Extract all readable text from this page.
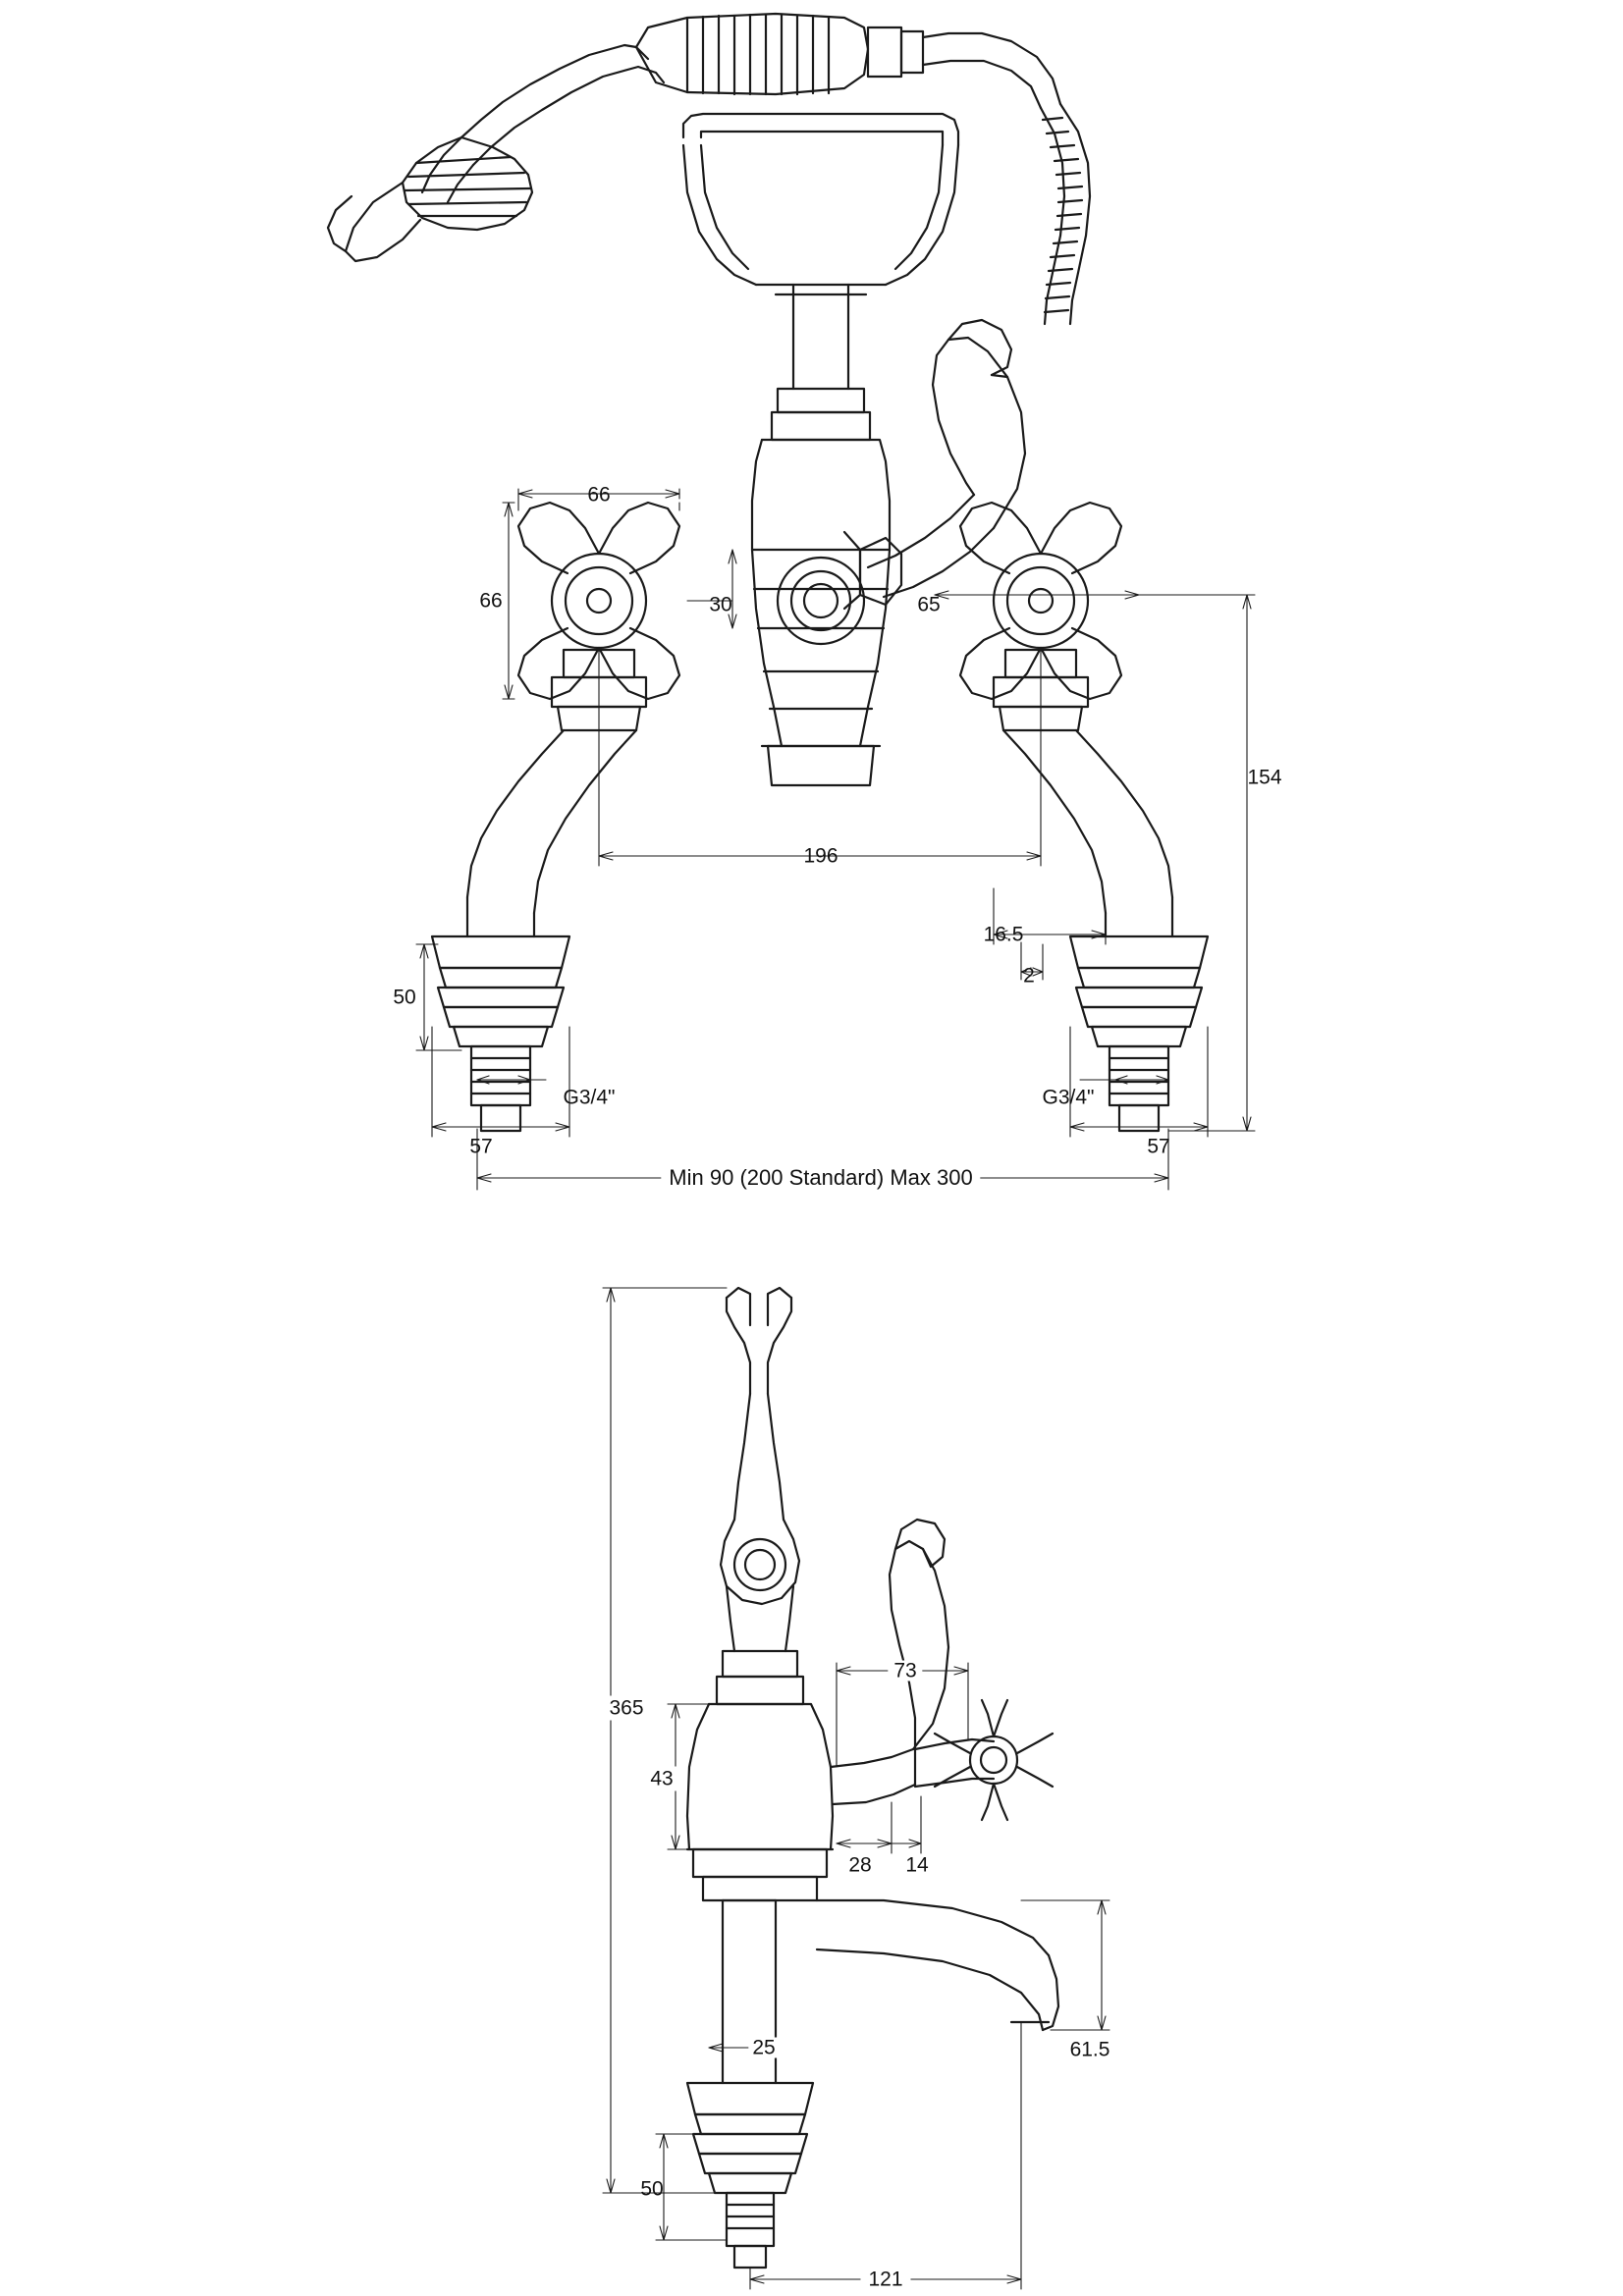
66
66	30	65
154
196
16.5
2
50
G3/4"	G3/4"
57	57
Min 90 (200 Standard) Max 300
365
43
73
28 14
25	61.5
50
121
